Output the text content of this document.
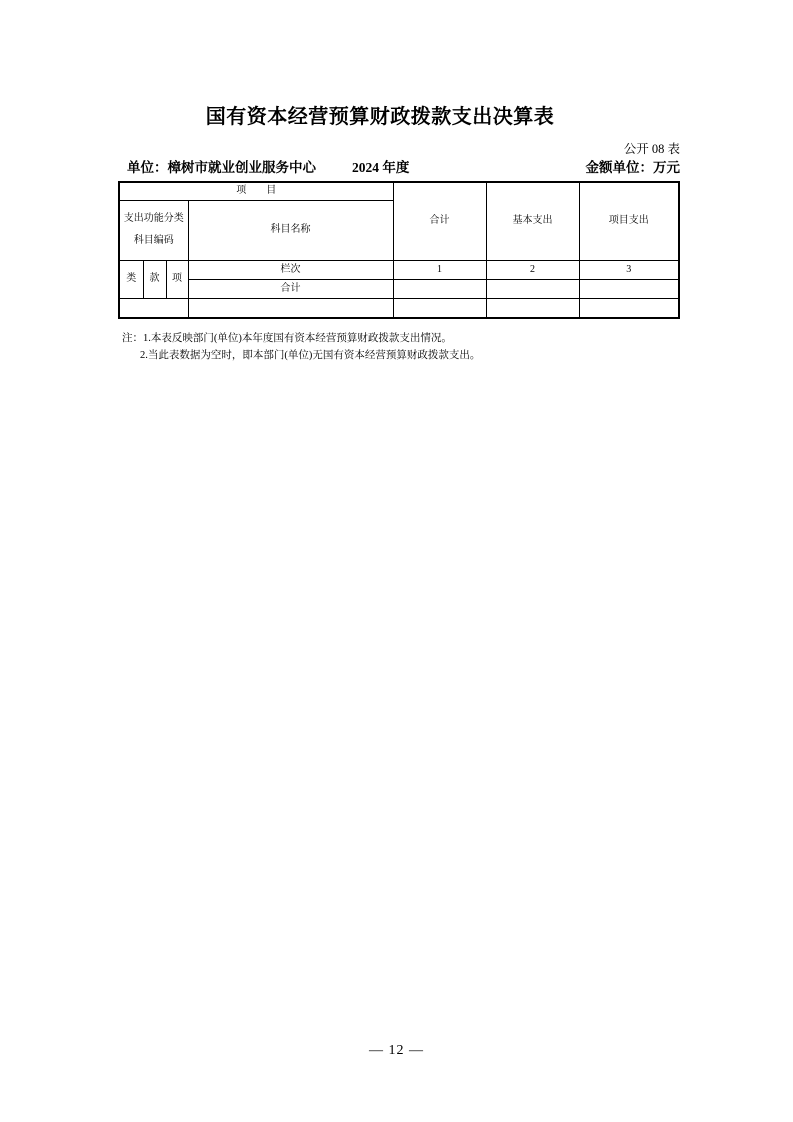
国有资本经营预算财政拨款支出决算表
公开 08 表
单位：樟树市就业创业服务中心	2024 年度	金额单位：万元
项　　目				合计	基本支出	项目支出

支出功能分类
科目编码			科目名称			
类	款	项	栏次	1	2	3
			合计			

注：1.本表反映部门(单位)本年度国有资本经营预算财政拨款支出情况。
2.当此表数据为空时，即本部门(单位)无国有资本经营预算财政拨款支出。
— 12 —
